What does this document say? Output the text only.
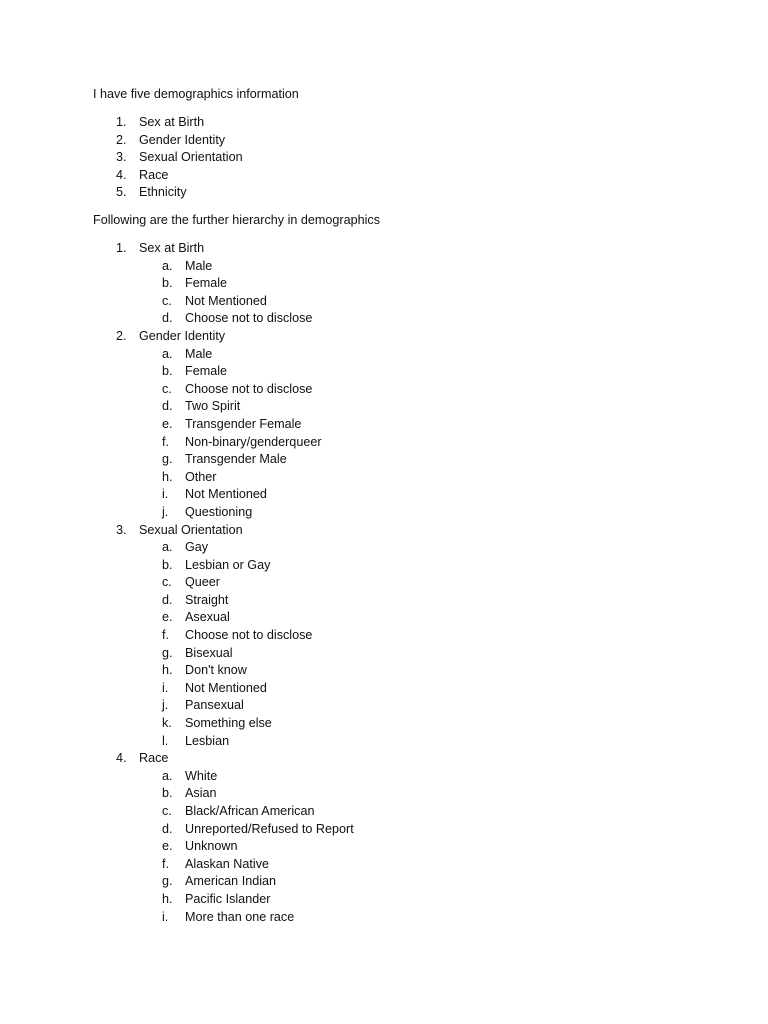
I have five demographics information

1. Sex at Birth
2. Gender Identity
3. Sexual Orientation
4. Race
5. Ethnicity

Following are the further hierarchy in demographics

1. Sex at Birth
a. Male
b. Female
c. Not Mentioned
d. Choose not to disclose
2. Gender Identity
a. Male
b. Female
c. Choose not to disclose
d. Two Spirit
e. Transgender Female
f. Non-binary/genderqueer
g. Transgender Male
h. Other
i. Not Mentioned
j. Questioning
3. Sexual Orientation
a. Gay
b. Lesbian or Gay
c. Queer
d. Straight
e. Asexual
f. Choose not to disclose
g. Bisexual
h. Don't know
i. Not Mentioned
j. Pansexual
k. Something else
l. Lesbian
4. Race
a. White
b. Asian
c. Black/African American
d. Unreported/Refused to Report
e. Unknown
f. Alaskan Native
g. American Indian
h. Pacific Islander
i. More than one race
